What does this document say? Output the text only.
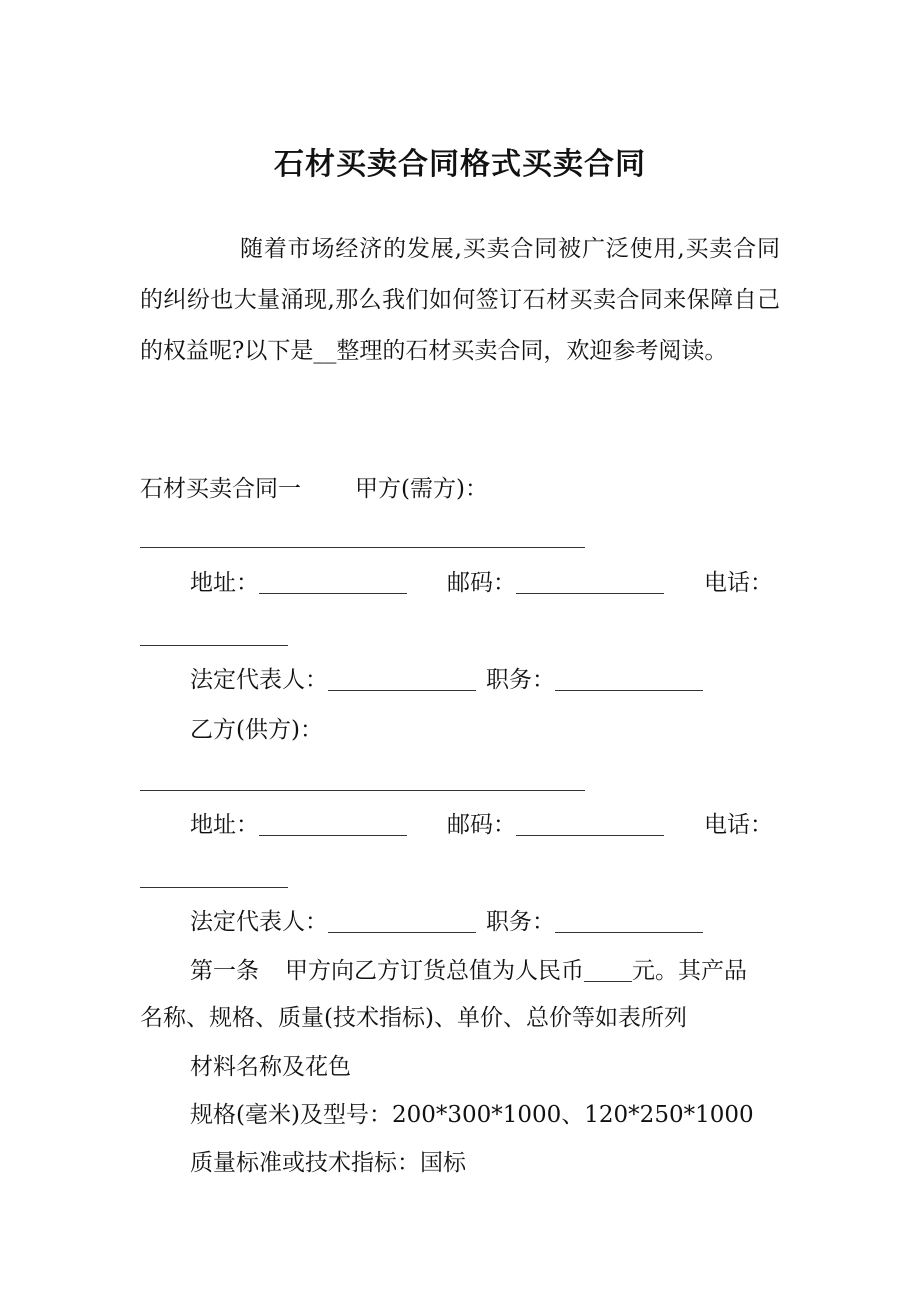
石材买卖合同格式买卖合同

随着市场经济的发展,买卖合同被广泛使用,买卖合同的纠纷也大量涌现,那么我们如何签订石材买卖合同来保障自己的权益呢?以下是__整理的石材买卖合同，欢迎参考阅读。

石材买卖合同一 甲方(需方)：
地址：	邮码：	电话：
法定代表人：	职务：
乙方(供方)：
地址：	邮码：	电话：
法定代表人：	职务：
第一条 甲方向乙方订货总值为人民币 元。其产品
名称、规格、质量(技术指标)、单价、总价等如表所列
材料名称及花色
规格(毫米)及型号：200*300*1000、120*250*1000
质量标准或技术指标：国标
